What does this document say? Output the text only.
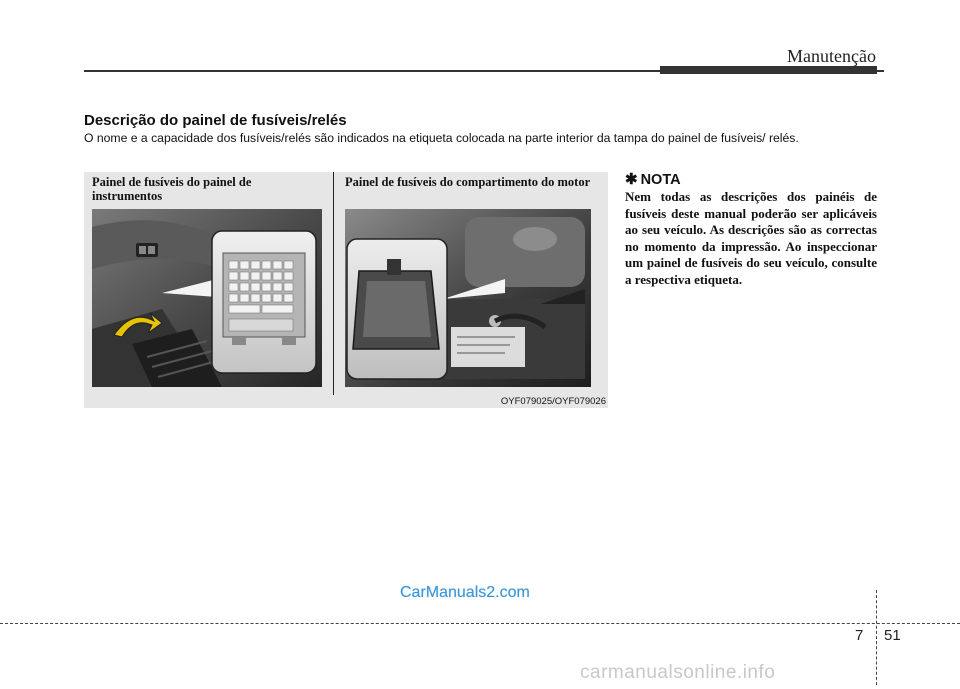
Manutenção
Descrição do painel de fusíveis/relés
O nome e a capacidade dos fusíveis/relés são indicados na etiqueta colocada na parte interior da tampa do painel de fusíveis/ relés.
Painel de fusíveis do painel de instrumentos
Painel de fusíveis do compartimento do motor
OYF079025/OYF079026
✱ NOTA
Nem todas as descrições dos painéis de fusíveis deste manual poderão ser aplicáveis ao seu veículo. As descrições são as correctas no momento da impressão. Ao inspeccionar um painel de fusíveis do seu veículo, consulte a respectiva etiqueta.
CarManuals2.com
7 51
carmanualsonline.info
